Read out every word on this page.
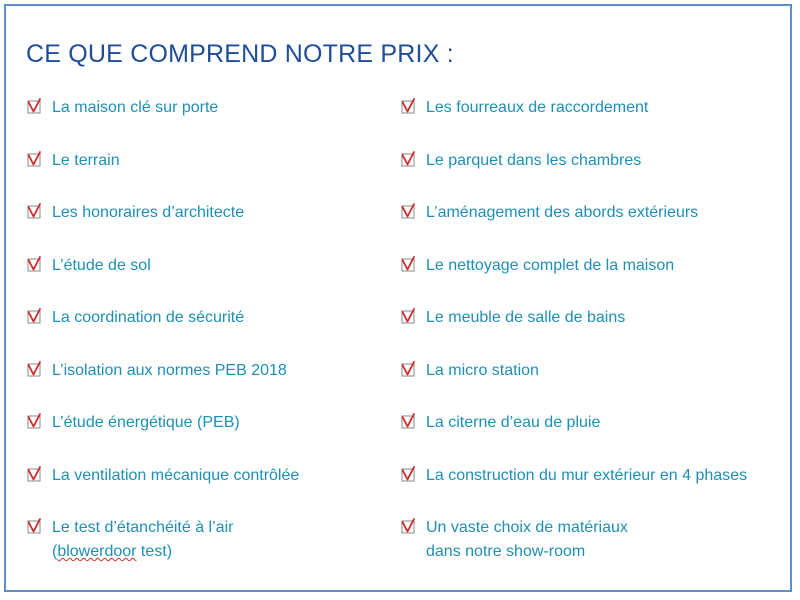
CE QUE COMPREND NOTRE PRIX :
La maison clé sur porte
Le terrain
Les honoraires d’architecte
L’étude de sol
La coordination de sécurité
L’isolation aux normes PEB 2018
L’étude énergétique (PEB)
La ventilation mécanique contrôlée
Le test d’étanchéité à l’air
(blowerdoor test)
Les fourreaux de raccordement
Le parquet dans les chambres
L’aménagement des abords extérieurs
Le nettoyage complet de la maison
Le meuble de salle de bains
La micro station
La citerne d’eau de pluie
La construction du mur extérieur en 4 phases
Un vaste choix de matériaux
dans notre show-room
